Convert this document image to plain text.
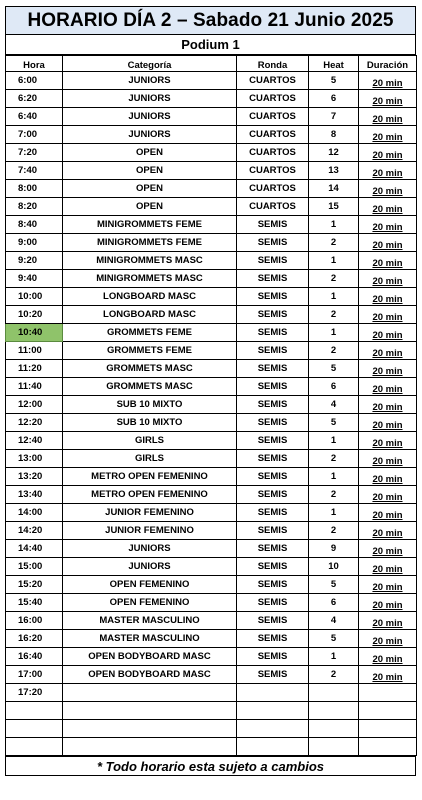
HORARIO DÍA 2 – Sabado 21 Junio 2025
Podium 1
Hora	Categoría	Ronda	Heat	Duración
6:00	JUNIORS	CUARTOS	5	20 min
6:20	JUNIORS	CUARTOS	6	20 min
6:40	JUNIORS	CUARTOS	7	20 min
7:00	JUNIORS	CUARTOS	8	20 min
7:20	OPEN	CUARTOS	12	20 min
7:40	OPEN	CUARTOS	13	20 min
8:00	OPEN	CUARTOS	14	20 min
8:20	OPEN	CUARTOS	15	20 min
8:40	MINIGROMMETS FEME	SEMIS	1	20 min
9:00	MINIGROMMETS FEME	SEMIS	2	20 min
9:20	MINIGROMMETS MASC	SEMIS	1	20 min
9:40	MINIGROMMETS MASC	SEMIS	2	20 min
10:00	LONGBOARD MASC	SEMIS	1	20 min
10:20	LONGBOARD MASC	SEMIS	2	20 min
10:40	GROMMETS FEME	SEMIS	1	20 min
11:00	GROMMETS FEME	SEMIS	2	20 min
11:20	GROMMETS MASC	SEMIS	5	20 min
11:40	GROMMETS MASC	SEMIS	6	20 min
12:00	SUB 10 MIXTO	SEMIS	4	20 min
12:20	SUB 10 MIXTO	SEMIS	5	20 min
12:40	GIRLS	SEMIS	1	20 min
13:00	GIRLS	SEMIS	2	20 min
13:20	METRO OPEN FEMENINO	SEMIS	1	20 min
13:40	METRO OPEN FEMENINO	SEMIS	2	20 min
14:00	JUNIOR FEMENINO	SEMIS	1	20 min
14:20	JUNIOR FEMENINO	SEMIS	2	20 min
14:40	JUNIORS	SEMIS	9	20 min
15:00	JUNIORS	SEMIS	10	20 min
15:20	OPEN FEMENINO	SEMIS	5	20 min
15:40	OPEN FEMENINO	SEMIS	6	20 min
16:00	MASTER MASCULINO	SEMIS	4	20 min
16:20	MASTER MASCULINO	SEMIS	5	20 min
16:40	OPEN BODYBOARD MASC	SEMIS	1	20 min
17:00	OPEN BODYBOARD MASC	SEMIS	2	20 min
17:20				

* Todo horario esta sujeto a cambios
